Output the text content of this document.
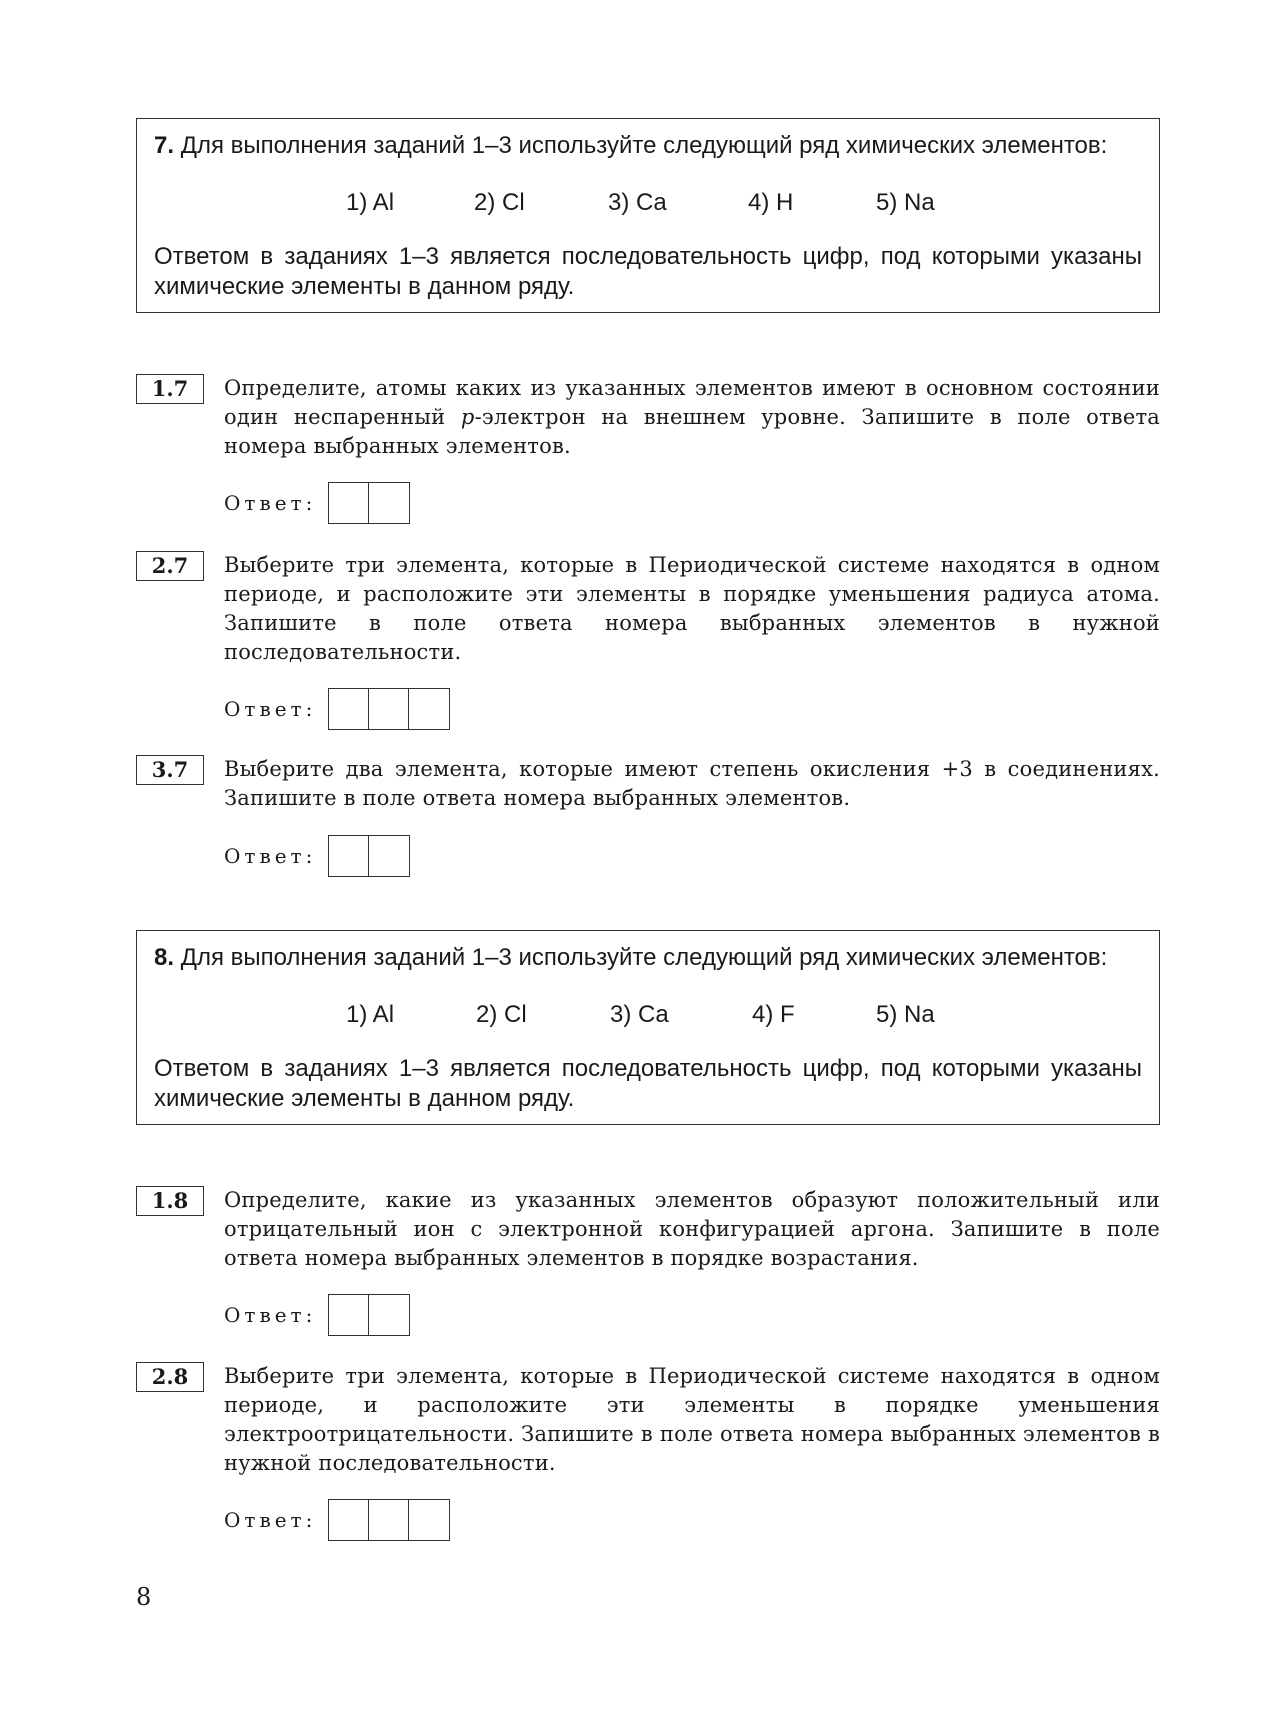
7. Для выполнения заданий 1–3 используйте следующий ряд химических элементов:
1) Al	2) Cl	3) Ca	4) H	5) Na
Ответом в заданиях 1–3 является последовательность цифр, под которыми указаны химические элементы в данном ряду.
1.7	Определите, атомы каких из указанных элементов имеют в основном состоянии один неспаренный p-электрон на внешнем уровне. Запишите в поле ответа номера выбранных элементов.
Ответ:
2.7	Выберите три элемента, которые в Периодической системе находятся в одном периоде, и расположите эти элементы в порядке уменьшения радиуса атома. Запишите в поле ответа номера выбранных элементов в нужной последовательности.
Ответ:
3.7	Выберите два элемента, которые имеют степень окисления +3 в соединениях. Запишите в поле ответа номера выбранных элементов.
Ответ:
8. Для выполнения заданий 1–3 используйте следующий ряд химических элементов:
1) Al	2) Cl	3) Ca	4) F	5) Na
Ответом в заданиях 1–3 является последовательность цифр, под которыми указаны химические элементы в данном ряду.
1.8	Определите, какие из указанных элементов образуют положительный или отрицательный ион с электронной конфигурацией аргона. Запишите в поле ответа номера выбранных элементов в порядке возрастания.
Ответ:
2.8	Выберите три элемента, которые в Периодической системе находятся в одном периоде, и расположите эти элементы в порядке уменьшения электроотрицательности. Запишите в поле ответа номера выбранных элементов в нужной последовательности.
Ответ:
8
